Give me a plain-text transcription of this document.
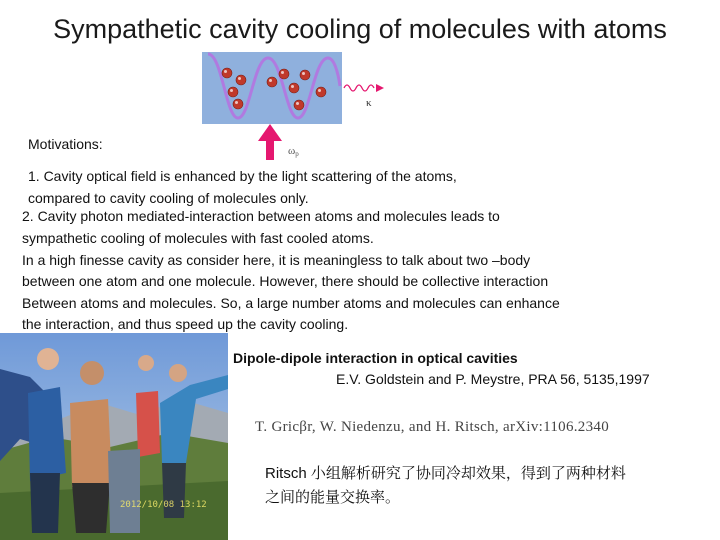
Sympathetic cavity cooling of molecules with atoms
κ
ωp
Motivations:
1. Cavity optical field is enhanced by the light scattering of the atoms,
compared to cavity cooling of molecules only.
2. Cavity photon mediated-interaction between atoms and molecules leads to
sympathetic cooling of molecules with fast cooled atoms.
2012/10/08 13:12
In a high finesse cavity as consider here, it is meaningless to talk about two –body
between one atom and one molecule. However, there should be collective interaction
Between atoms and molecules. So, a large number atoms and molecules can enhance
the interaction, and thus speed up the cavity cooling.
Dipole-dipole interaction in optical cavities
E.V. Goldstein and P. Meystre, PRA 56, 5135,1997
T. Gricβr, W. Niedenzu, and H. Ritsch, arXiv:1106.2340
Ritsch 小组解析研究了协同冷却效果，得到了两种材料
之间的能量交换率。
